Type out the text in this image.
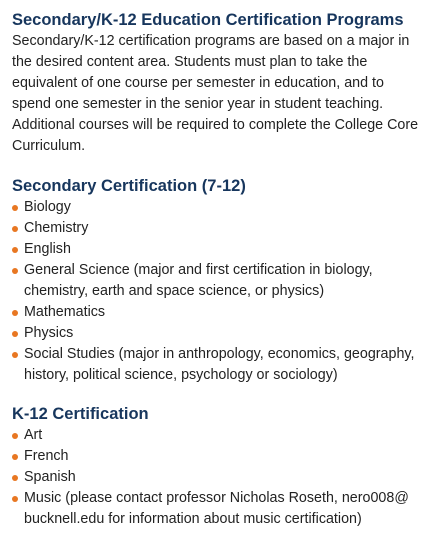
Secondary/K-12 Education Certification Programs

Secondary/K-12 certification programs are based on a major in the desired content area. Students must plan to take the equivalent of one course per semester in education, and to spend one semester in the senior year in student teaching. Additional courses will be required to complete the College Core Curriculum.

Secondary Certification (7-12)
Biology
Chemistry
English
General Science (major and first certification in biology, chemistry, earth and space science, or physics)
Mathematics
Physics
Social Studies (major in anthropology, economics, geography, history, political science, psychology or sociology)
K-12 Certification
Art
French
Spanish
Music (please contact professor Nicholas Roseth, nero008@ bucknell.edu for information about music certification)
